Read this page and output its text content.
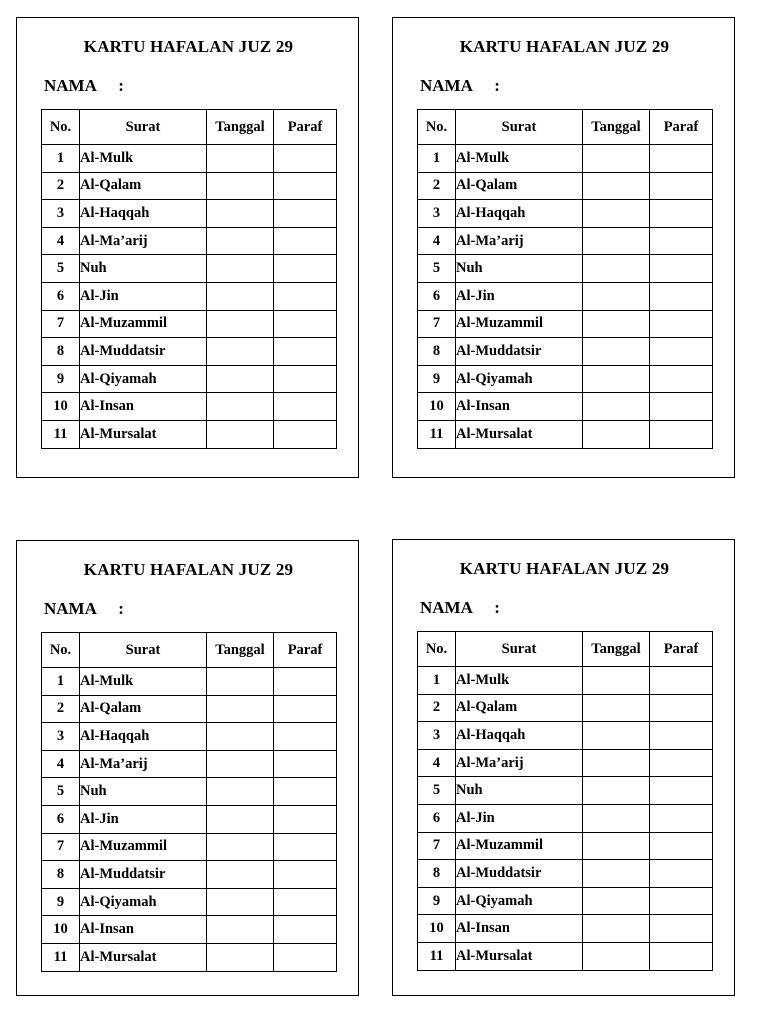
KARTU HAFALAN JUZ 29
NAMA :
No.	Surat	Tanggal	Paraf
1	Al-Mulk		
2	Al-Qalam		
3	Al-Haqqah		
4	Al-Ma’arij		
5	Nuh		
6	Al-Jin		
7	Al-Muzammil		
8	Al-Muddatsir		
9	Al-Qiyamah		
10	Al-Insan		
11	Al-Mursalat		
KARTU HAFALAN JUZ 29
NAMA :
No.	Surat	Tanggal	Paraf
1	Al-Mulk		
2	Al-Qalam		
3	Al-Haqqah		
4	Al-Ma’arij		
5	Nuh		
6	Al-Jin		
7	Al-Muzammil		
8	Al-Muddatsir		
9	Al-Qiyamah		
10	Al-Insan		
11	Al-Mursalat		
KARTU HAFALAN JUZ 29
NAMA :
No.	Surat	Tanggal	Paraf
1	Al-Mulk		
2	Al-Qalam		
3	Al-Haqqah		
4	Al-Ma’arij		
5	Nuh		
6	Al-Jin		
7	Al-Muzammil		
8	Al-Muddatsir		
9	Al-Qiyamah		
10	Al-Insan		
11	Al-Mursalat		
KARTU HAFALAN JUZ 29
NAMA :
No.	Surat	Tanggal	Paraf
1	Al-Mulk		
2	Al-Qalam		
3	Al-Haqqah		
4	Al-Ma’arij		
5	Nuh		
6	Al-Jin		
7	Al-Muzammil		
8	Al-Muddatsir		
9	Al-Qiyamah		
10	Al-Insan		
11	Al-Mursalat		
